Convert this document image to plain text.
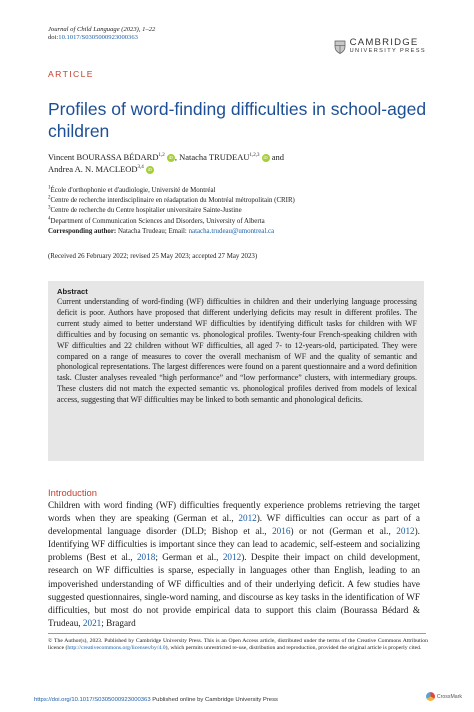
Journal of Child Language (2023), 1–22
doi:10.1017/S0305000923000363	CAMBRIDGE
UNIVERSITY PRESS
ARTICLE
Profiles of word-finding difficulties in school-aged children
Vincent BOURASSA BÉDARD$^{1,2}$ iD , Natacha TRUDEAU$^{1,2,3}$ iD and
Andrea A. N. MACLEOD$^{3,4}$ iD
$^1$École d'orthophonie et d'audiologie, Université de Montréal
$^2$Centre de recherche interdisciplinaire en réadaptation du Montréal métropolitain (CRIR)
$^3$Centre de recherche du Centre hospitalier universitaire Sainte-Justine
$^4$Department of Communication Sciences and Disorders, University of Alberta
Corresponding author: Natacha Trudeau; Email: natacha.trudeau@umontreal.ca
(Received 26 February 2022; revised 25 May 2023; accepted 27 May 2023)
Abstract
Current understanding of word-finding (WF) difficulties in children and their underlying language processing deficit is poor. Authors have proposed that different underlying deficits may result in different profiles. The current study aimed to better understand WF difficulties by identifying difficult tasks for children with WF difficulties and by focusing on semantic vs. phonological profiles. Twenty-four French-speaking children with WF difficulties and 22 children without WF difficulties, all aged 7- to 12-years-old, participated. They were compared on a range of measures to cover the overall mechanism of WF and the quality of semantic and phonological representations. The largest differences were found on a parent questionnaire and a word definition task. Cluster analyses revealed “high performance” and “low performance” clusters, with intermediary groups. These clusters did not match the expected semantic vs. phonological profiles derived from models of lexical access, suggesting that WF difficulties may be linked to both semantic and phonological deficits.
Introduction
Children with word finding (WF) difficulties frequently experience problems retrieving the target words when they are speaking (German et al., 2012). WF difficulties can occur as part of a developmental language disorder (DLD; Bishop et al., 2016) or not (German et al., 2012). Identifying WF difficulties is important since they can lead to academic, self-esteem and socializing problems (Best et al., 2018; German et al., 2012). Despite their impact on child development, research on WF difficulties is sparse, especially in languages other than English, leading to an impoverished understanding of WF difficulties and of their underlying deficit. A few studies have suggested questionnaires, single-word naming, and discourse as key tasks in the identification of WF difficulties, but most do not provide empirical data to support this claim (Bourassa Bédard & Trudeau, 2021; Bragard
© The Author(s), 2023. Published by Cambridge University Press. This is an Open Access article, distributed under the terms of the Creative Commons Attribution licence (http://creativecommons.org/licenses/by/4.0), which permits unrestricted re-use, distribution and reproduction, provided the original article is properly cited.
https://doi.org/10.1017/S0305000923000363 Published online by Cambridge University Press
CrossMark
